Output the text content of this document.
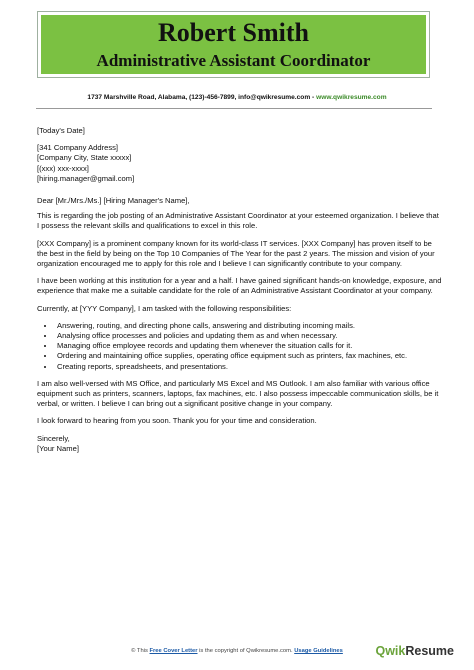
Robert Smith
Administrative Assistant Coordinator
1737 Marshville Road, Alabama, (123)-456-7899, info@qwikresume.com - www.qwikresume.com

[Today's Date]

[341 Company Address]

[Company City, State xxxxx]

[(xxx) xxx-xxxx]

[hiring.manager@gmail.com]

Dear [Mr./Mrs./Ms.] [Hiring Manager's Name],

This is regarding the job posting of an Administrative Assistant Coordinator at your esteemed organization. I believe that I possess the relevant skills and qualifications to excel in this role.

[XXX Company] is a prominent company known for its world-class IT services. [XXX Company] has proven itself to be the best in the field by being on the Top 10 Companies of The Year for the past 2 years. The mission and vision of your organization encouraged me to apply for this role and I believe I can significantly contribute to your company.

I have been working at this institution for a year and a half. I have gained significant hands-on knowledge, exposure, and experience that make me a suitable candidate for the role of an Administrative Assistant Coordinator at your company.

Currently, at [YYY Company], I am tasked with the following responsibilities:

• Answering, routing, and directing phone calls, answering and distributing incoming mails.
• Analysing office processes and policies and updating them as and when necessary.
• Managing office employee records and updating them whenever the situation calls for it.
• Ordering and maintaining office supplies, operating office equipment such as printers, fax machines, etc.
• Creating reports, spreadsheets, and presentations.

I am also well-versed with MS Office, and particularly MS Excel and MS Outlook. I am also familiar with various office equipment such as printers, scanners, laptops, fax machines, etc. I also possess impeccable communication skills, be it verbal, or written. I believe I can bring out a significant positive change in your company.

I look forward to hearing from you soon. Thank you for your time and consideration.

Sincerely,

[Your Name]

© This Free Cover Letter is the copyright of Qwikresume.com. Usage Guidelines	QwikResume
